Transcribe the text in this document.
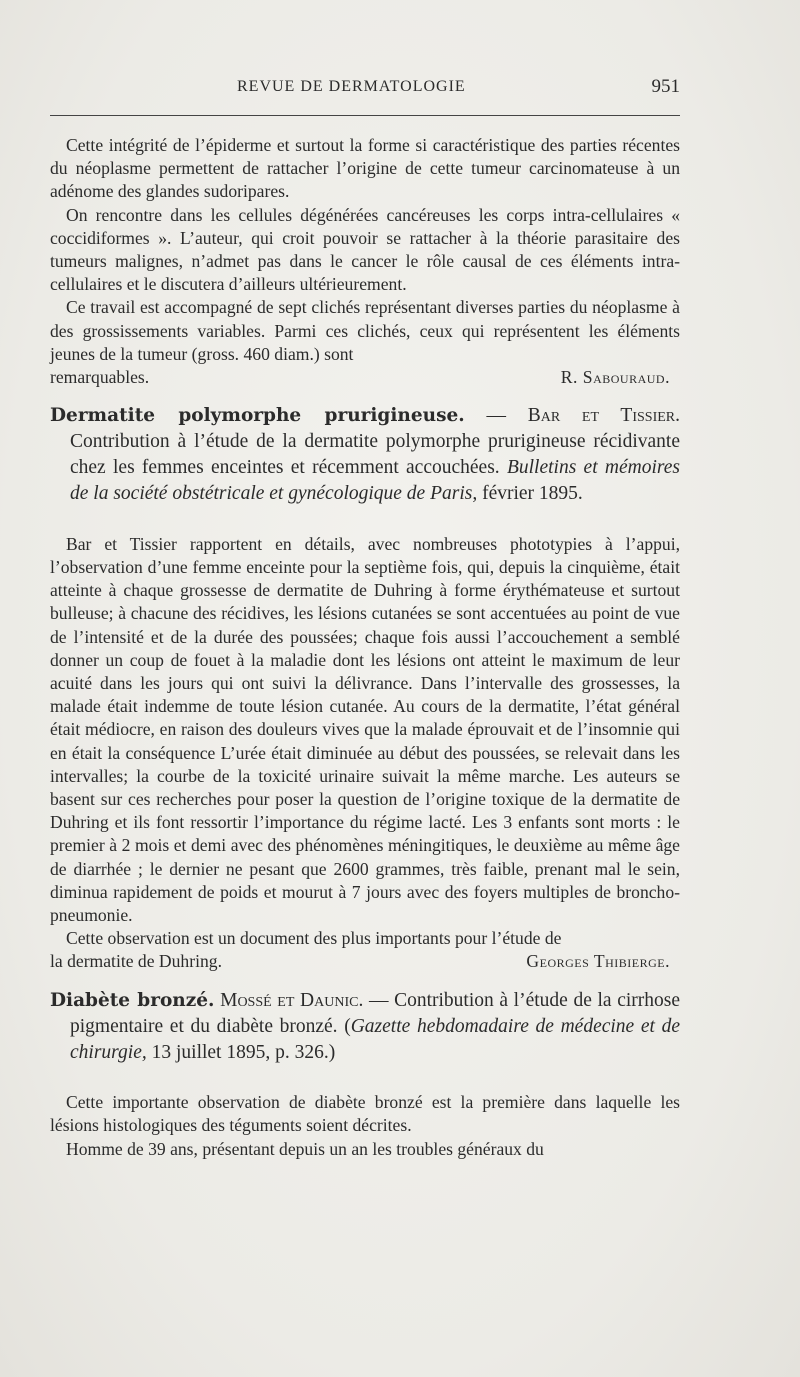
REVUE DE DERMATOLOGIE	951

Cette intégrité de l’épiderme et surtout la forme si caractéristique des parties récentes du néoplasme permettent de rattacher l’origine de cette tumeur carcinomateuse à un adénome des glandes sudoripares.

On rencontre dans les cellules dégénérées cancéreuses les corps intra-cellulaires « coccidiformes ». L’auteur, qui croit pouvoir se rattacher à la théorie parasitaire des tumeurs malignes, n’admet pas dans le cancer le rôle causal de ces éléments intra-cellulaires et le discutera d’ailleurs ultérieurement.

Ce travail est accompagné de sept clichés représentant diverses parties du néoplasme à des grossissements variables. Parmi ces clichés, ceux qui représentent les éléments jeunes de la tumeur (gross. 460 diam.) sont

remarquables.	R. Sabouraud.

Dermatite polymorphe prurigineuse. — Bar et Tissier. Contribution à l’étude de la dermatite polymorphe prurigineuse récidivante chez les femmes enceintes et récemment accouchées. Bulletins et mémoires de la société obstétricale et gynécologique de Paris, février 1895.

Bar et Tissier rapportent en détails, avec nombreuses phototypies à l’appui, l’observation d’une femme enceinte pour la septième fois, qui, depuis la cinquième, était atteinte à chaque grossesse de dermatite de Duhring à forme érythémateuse et surtout bulleuse; à chacune des récidives, les lésions cutanées se sont accentuées au point de vue de l’intensité et de la durée des poussées; chaque fois aussi l’accouchement a semblé donner un coup de fouet à la maladie dont les lésions ont atteint le maximum de leur acuité dans les jours qui ont suivi la délivrance. Dans l’intervalle des grossesses, la malade était indemme de toute lésion cutanée. Au cours de la dermatite, l’état général était médiocre, en raison des douleurs vives que la malade éprouvait et de l’insomnie qui en était la conséquence L’urée était diminuée au début des poussées, se relevait dans les intervalles; la courbe de la toxicité urinaire suivait la même marche. Les auteurs se basent sur ces recherches pour poser la question de l’origine toxique de la dermatite de Duhring et ils font ressortir l’importance du régime lacté. Les 3 enfants sont morts : le premier à 2 mois et demi avec des phénomènes méningitiques, le deuxième au même âge de diarrhée ; le dernier ne pesant que 2600 grammes, très faible, prenant mal le sein, diminua rapidement de poids et mourut à 7 jours avec des foyers multiples de broncho-pneumonie.

Cette observation est un document des plus importants pour l’étude de

la dermatite de Duhring.	Georges Thibierge.

Diabète bronzé. Mossé et Daunic. — Contribution à l’étude de la cirrhose pigmentaire et du diabète bronzé. (Gazette hebdomadaire de médecine et de chirurgie, 13 juillet 1895, p. 326.)

Cette importante observation de diabète bronzé est la première dans laquelle les lésions histologiques des téguments soient décrites.

Homme de 39 ans, présentant depuis un an les troubles généraux du
